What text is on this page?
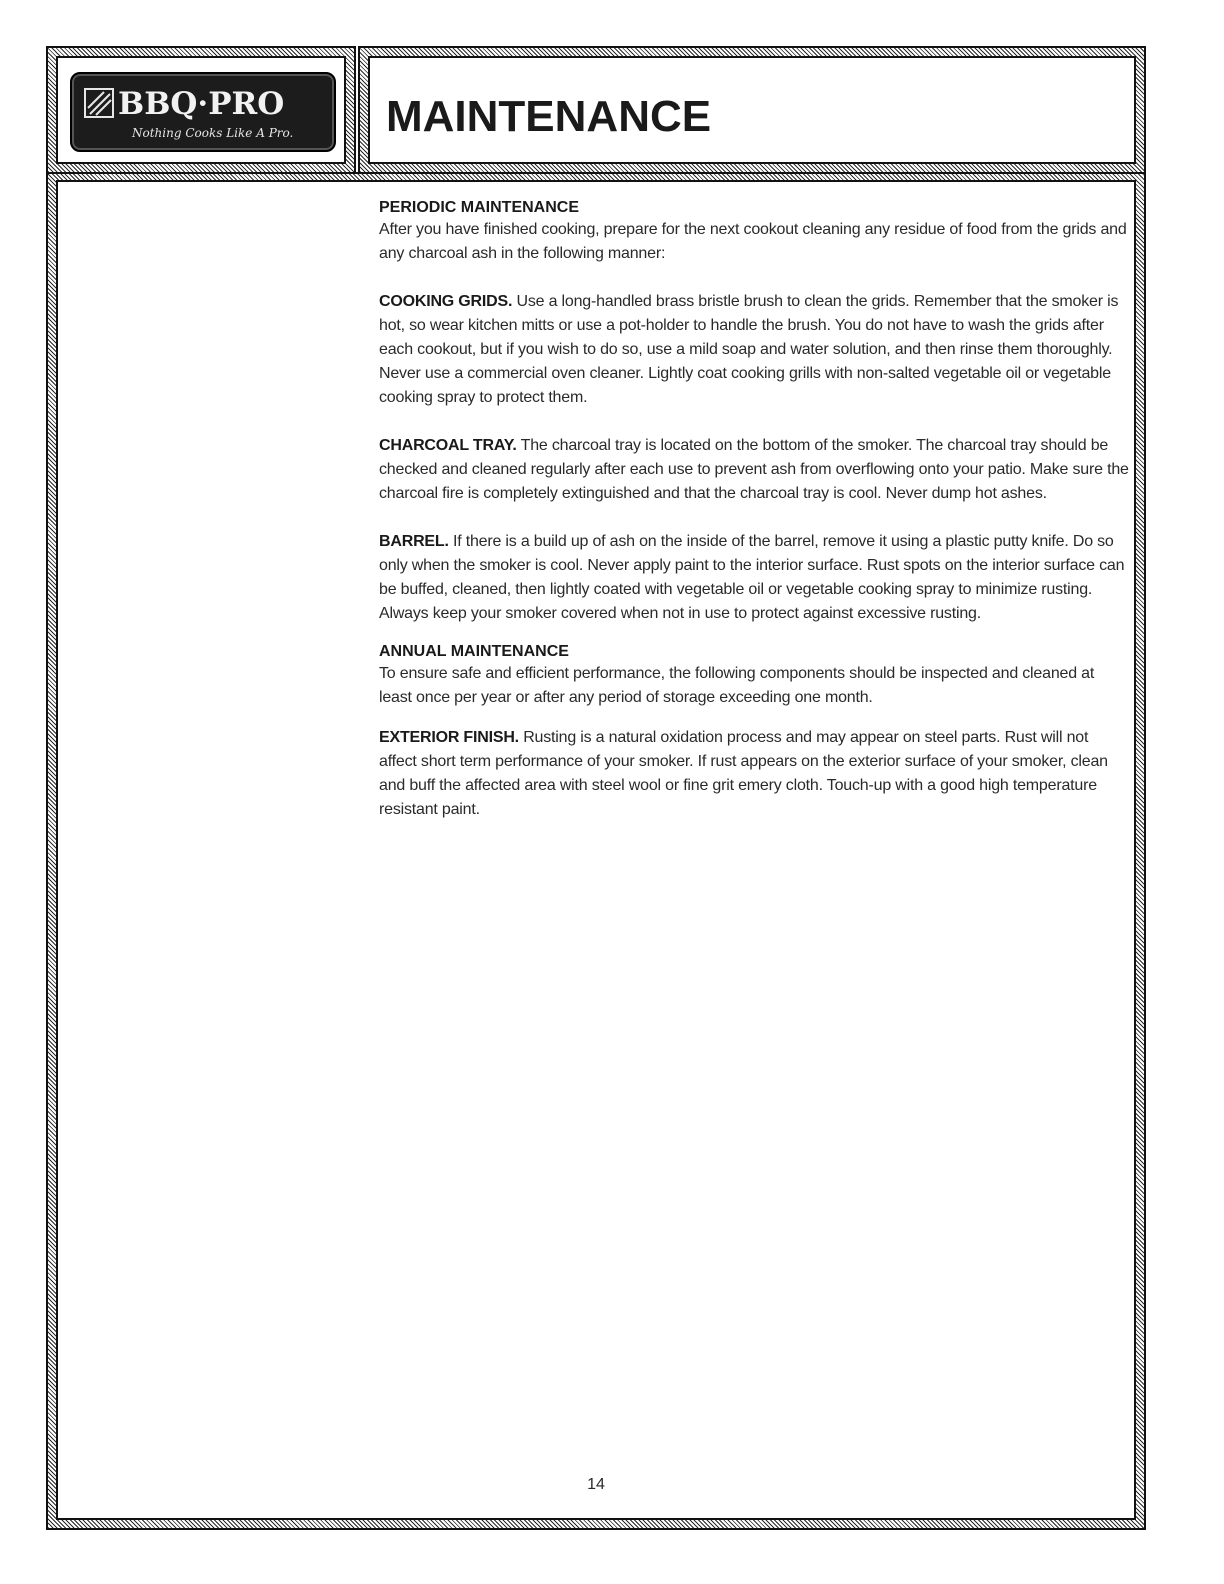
BBQ·PRO
Nothing Cooks Like A Pro. MAINTENANCE
PERIODIC MAINTENANCE

After you have finished cooking, prepare for the next cookout cleaning any residue of food from the grids and any charcoal ash in the following manner:

COOKING GRIDS. Use a long-handled brass bristle brush to clean the grids. Remember that the smoker is hot, so wear kitchen mitts or use a pot-holder to handle the brush. You do not have to wash the grids after each cookout, but if you wish to do so, use a mild soap and water solution, and then rinse them thoroughly. Never use a commercial oven cleaner. Lightly coat cooking grills with non-salted vegetable oil or vegetable cooking spray to protect them.

CHARCOAL TRAY. The charcoal tray is located on the bottom of the smoker. The charcoal tray should be checked and cleaned regularly after each use to prevent ash from overflowing onto your patio. Make sure the charcoal fire is completely extinguished and that the charcoal tray is cool. Never dump hot ashes.

BARREL. If there is a build up of ash on the inside of the barrel, remove it using a plastic putty knife. Do so only when the smoker is cool. Never apply paint to the interior surface. Rust spots on the interior surface can be buffed, cleaned, then lightly coated with vegetable oil or vegetable cooking spray to minimize rusting. Always keep your smoker covered when not in use to protect against excessive rusting.

ANNUAL MAINTENANCE

To ensure safe and efficient performance, the following components should be inspected and cleaned at least once per year or after any period of storage exceeding one month.

EXTERIOR FINISH. Rusting is a natural oxidation process and may appear on steel parts. Rust will not affect short term performance of your smoker. If rust appears on the exterior surface of your smoker, clean and buff the affected area with steel wool or fine grit emery cloth. Touch-up with a good high temperature resistant paint.

14
